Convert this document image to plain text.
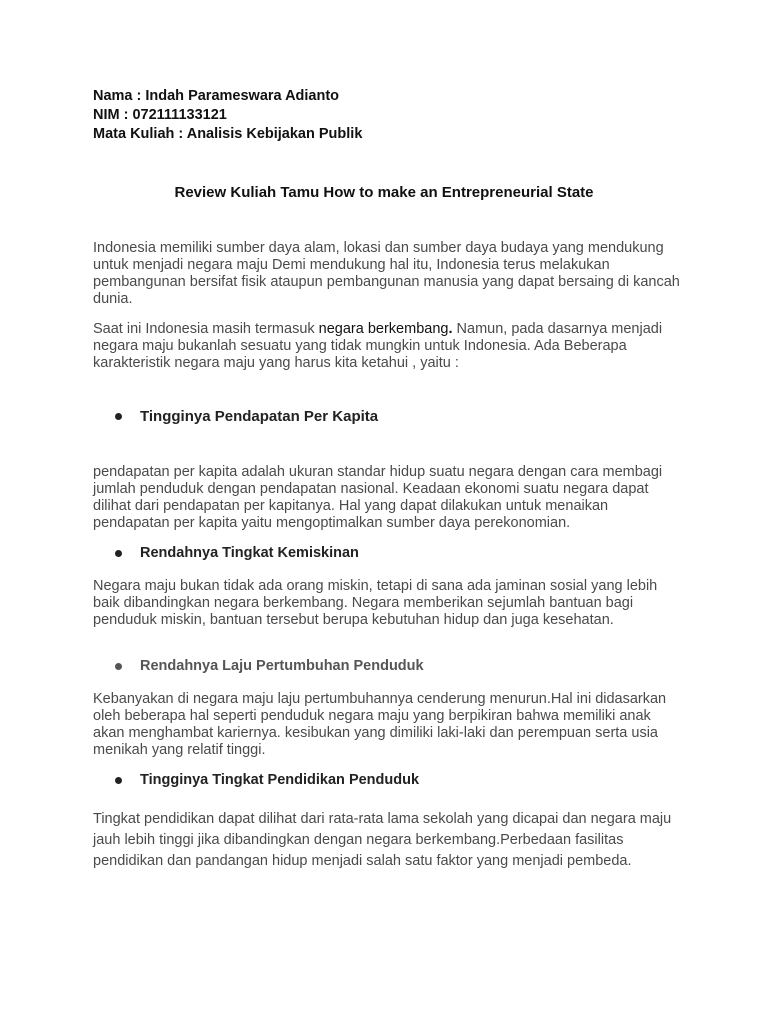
Nama : Indah Parameswara Adianto
NIM : 072111133121
Mata Kuliah : Analisis Kebijakan Publik
Review Kuliah Tamu How to make an Entrepreneurial State
Indonesia memiliki sumber daya alam, lokasi dan sumber daya budaya yang mendukung untuk menjadi negara maju Demi mendukung hal itu, Indonesia terus melakukan pembangunan bersifat fisik ataupun pembangunan manusia yang dapat bersaing di kancah dunia.
Saat ini Indonesia masih termasuk negara berkembang. Namun, pada dasarnya menjadi negara maju bukanlah sesuatu yang tidak mungkin untuk Indonesia. Ada Beberapa karakteristik negara maju yang harus kita ketahui , yaitu :
Tingginya Pendapatan Per Kapita
pendapatan per kapita adalah ukuran standar hidup suatu negara dengan cara membagi jumlah penduduk dengan pendapatan nasional. Keadaan ekonomi suatu negara dapat dilihat dari pendapatan per kapitanya. Hal yang dapat dilakukan untuk menaikan pendapatan per kapita yaitu mengoptimalkan sumber daya perekonomian.
Rendahnya Tingkat Kemiskinan
Negara maju bukan tidak ada orang miskin, tetapi di sana ada jaminan sosial yang lebih baik dibandingkan negara berkembang. Negara memberikan sejumlah bantuan bagi penduduk miskin, bantuan tersebut berupa kebutuhan hidup dan juga kesehatan.
Rendahnya Laju Pertumbuhan Penduduk
Kebanyakan di negara maju laju pertumbuhannya cenderung menurun.Hal ini didasarkan oleh beberapa hal seperti penduduk negara maju yang berpikiran bahwa memiliki anak akan menghambat kariernya. kesibukan yang dimiliki laki-laki dan perempuan serta usia menikah yang relatif tinggi.
Tingginya Tingkat Pendidikan Penduduk
Tingkat pendidikan dapat dilihat dari rata-rata lama sekolah yang dicapai dan negara maju jauh lebih tinggi jika dibandingkan dengan negara berkembang.Perbedaan fasilitas pendidikan dan pandangan hidup menjadi salah satu faktor yang menjadi pembeda.
